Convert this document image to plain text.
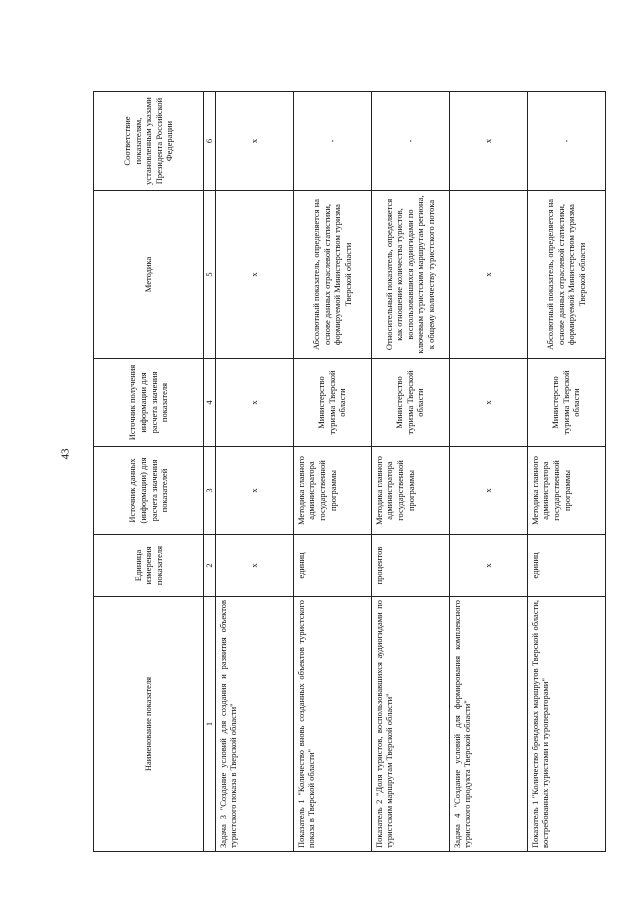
43
Наименование показателя	Единица измерения показателя	Источник данных (информации) для расчета значения показателей	Источник получения информации для расчета значения показателя	Методика	Соответствие показателям, установленным указами Президента Российской Федерации
1	2	3	4	5	6
Задача 3 "Создание условий для создания и развития объектов туристского показа в Тверской области"	x	x	x	x	x
Показатель 1 "Количество вновь созданных объектов туристского показа в Тверской области"	единиц	Методика главного администратора государственной программы	Министерство туризма Тверской области	Абсолютный показатель, определяется на основе данных отраслевой статистики, формируемой Министерством туризма Тверской области	-
Показатель 2 "Доля туристов, воспользовавшихся аудиогидами по туристским маршрутам Тверской области"	процентов	Методика главного администратора государственной программы	Министерство туризма Тверской области	Относительный показатель, определяется как отношение количества туристов, воспользовавшихся аудиогидами по ключевым туристским маршрутам региона, к общему количеству туристского потока	-
Задача 4 "Создание условий для формирования комплексного туристского продукта Тверской области"	x	x	x	x	x
Показатель 1 "Количество брендовых маршрутов Тверской области, востребованных туристами и туроператорами"	единиц	Методика главного администратора государственной программы	Министерство туризма Тверской области	Абсолютный показатель, определяется на основе данных отраслевой статистики, формируемой Министерством туризма Тверской области	-
